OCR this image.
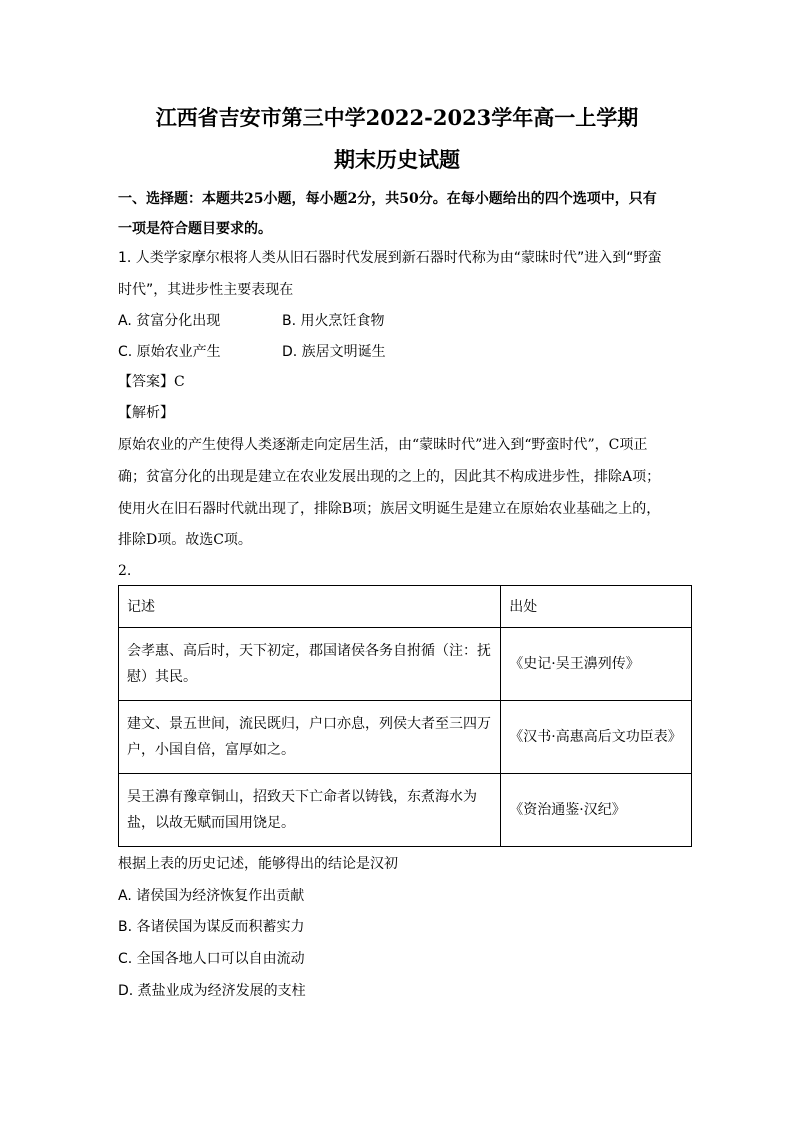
江西省吉安市第三中学2022-2023学年高一上学期
期末历史试题
一、选择题：本题共25小题，每小题2分，共50分。在每小题给出的四个选项中，只有
一项是符合题目要求的。
1. 人类学家摩尔根将人类从旧石器时代发展到新石器时代称为由“蒙昧时代”进入到“野蛮
时代”，其进步性主要表现在
A. 贫富分化出现	B. 用火烹饪食物
C. 原始农业产生	D. 族居文明诞生
【答案】C
【解析】
原始农业的产生使得人类逐渐走向定居生活，由“蒙昧时代”进入到“野蛮时代”，C项正
确；贫富分化的出现是建立在农业发展出现的之上的，因此其不构成进步性，排除A项；
使用火在旧石器时代就出现了，排除B项；族居文明诞生是建立在原始农业基础之上的，
排除D项。故选C项。
2.
记述	出处

会孝惠、高后时，天下初定，郡国诸侯各务自拊循（注：抚
慰）其民。	《史记·吴王濞列传》

建文、景五世间，流民既归，户口亦息，列侯大者至三四万
户，小国自倍，富厚如之。	《汉书·高惠高后文功臣表》

吴王濞有豫章铜山，招致天下亡命者以铸钱，东煮海水为
盐，以故无赋而国用饶足。	《资治通鉴·汉纪》
根据上表的历史记述，能够得出的结论是汉初
A. 诸侯国为经济恢复作出贡献
B. 各诸侯国为谋反而积蓄实力
C. 全国各地人口可以自由流动
D. 煮盐业成为经济发展的支柱
